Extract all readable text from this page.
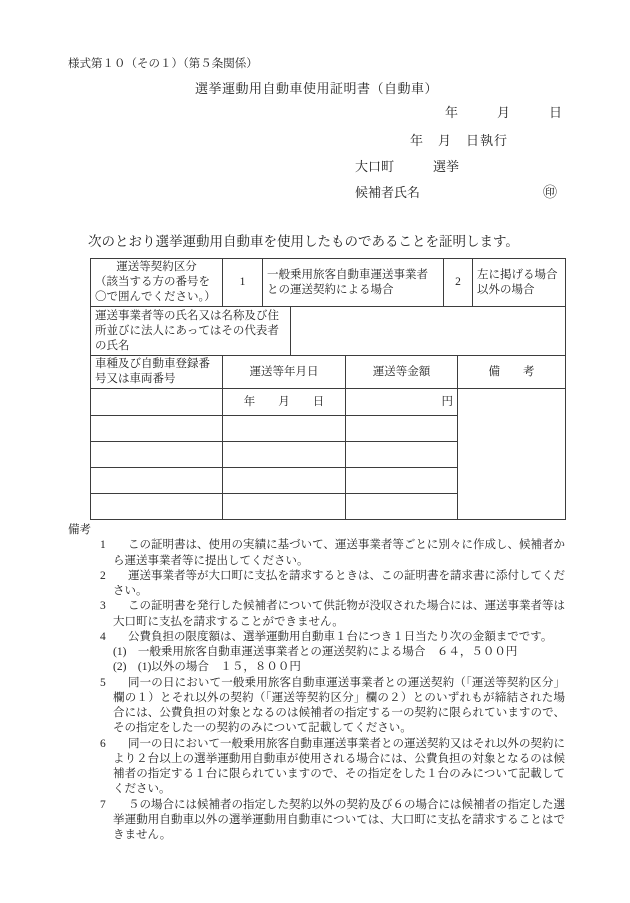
様式第１０（その１）（第５条関係）
選挙運動用自動車使用証明書（自動車）
年　　　月　　　日
年　月　日執行
大口町　　　選挙
候補者氏名	㊞
次のとおり選挙運動用自動車を使用したものであることを証明します。
運送等契約区分
（該当する方の番号を
〇で囲んでください。）	1	一般乗用旅客自動車運送事業者との運送契約による場合			2		左に掲げる場合以外の場合
運送事業者等の氏名又は名称及び住所並びに法人にあってはその代表者の氏名							
車種及び自動車登録番号又は車両番号	運送等年月日			運送等金額		備　　考	
	年　　月　　日			円			

備考
1	この証明書は、使用の実績に基づいて、運送事業者等ごとに別々に作成し、候補者から運送事業者等に提出してください。
2	運送事業者等が大口町に支払を請求するときは、この証明書を請求書に添付してください。
3	この証明書を発行した候補者について供託物が没収された場合には、運送事業者等は大口町に支払を請求することができません。
4	公費負担の限度額は、選挙運動用自動車１台につき１日当たり次の金額までです。
(1)　一般乗用旅客自動車運送事業者との運送契約による場合　６４，５００円
(2)　(1)以外の場合　１５，８００円
5	同一の日において一般乗用旅客自動車運送事業者との運送契約（「運送等契約区分」欄の１）とそれ以外の契約（「運送等契約区分」欄の２）とのいずれもが締結された場合には、公費負担の対象となるのは候補者の指定する一の契約に限られていますので、その指定をした一の契約のみについて記載してください。
6	同一の日において一般乗用旅客自動車運送事業者との運送契約又はそれ以外の契約により２台以上の選挙運動用自動車が使用される場合には、公費負担の対象となるのは候補者の指定する１台に限られていますので、その指定をした１台のみについて記載してください。
7	５の場合には候補者の指定した契約以外の契約及び６の場合には候補者の指定した選挙運動用自動車以外の選挙運動用自動車については、大口町に支払を請求することはできません。
